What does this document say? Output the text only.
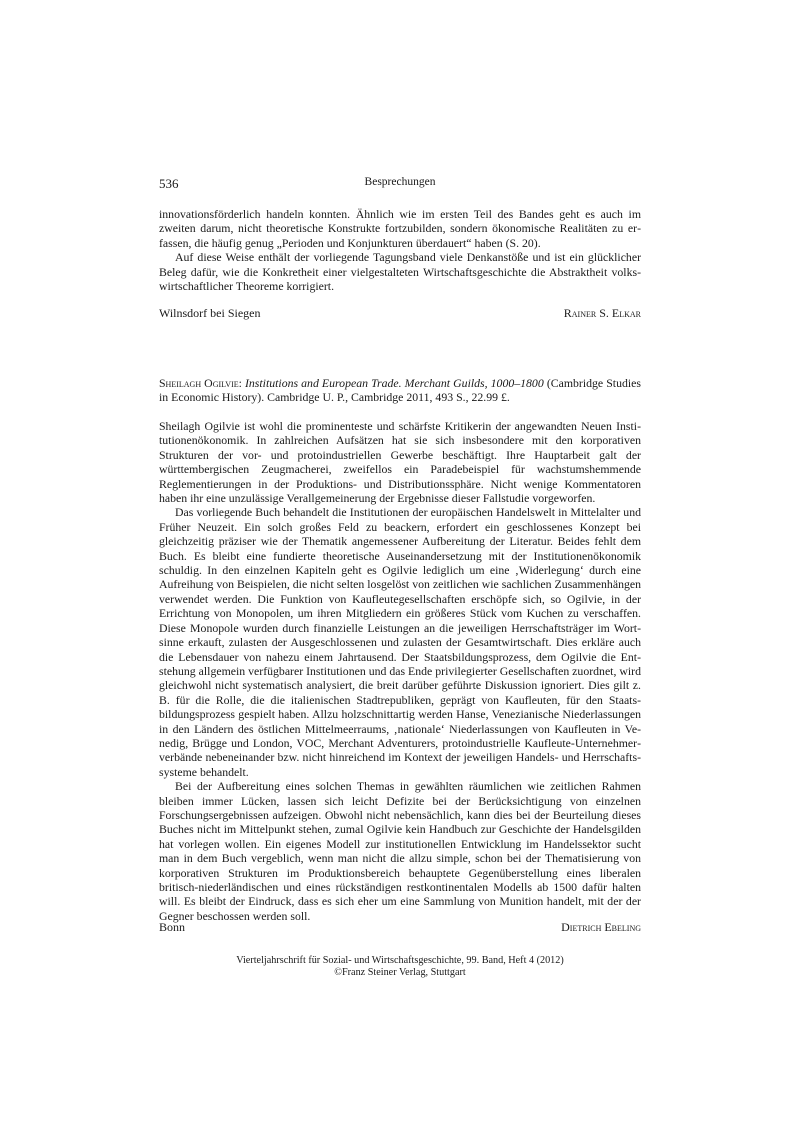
536	Besprechungen

innovationsförderlich handeln konnten. Ähnlich wie im ersten Teil des Bandes geht es auch im zweiten darum, nicht theoretische Konstrukte fortzubilden, sondern ökonomische Realitäten zu erfassen, die häufig genug „Perioden und Konjunkturen überdauert“ haben (S. 20).

Auf diese Weise enthält der vorliegende Tagungsband viele Denkanstöße und ist ein glücklicher Beleg dafür, wie die Konkretheit einer vielgestalteten Wirtschaftsgeschichte die Abstraktheit volkswirtschaftlicher Theoreme korrigiert.

Wilnsdorf bei Siegen	Rainer S. Elkar
Sheilagh Ogilvie: Institutions and European Trade. Merchant Guilds, 1000–1800 (Cambridge Studies in Economic History). Cambridge U. P., Cambridge 2011, 493 S., 22.99 £.

Sheilagh Ogilvie ist wohl die prominenteste und schärfste Kritikerin der angewandten Neuen Institutionenökonomik. In zahlreichen Aufsätzen hat sie sich insbesondere mit den korporativen Strukturen der vor- und protoindustriellen Gewerbe beschäftigt. Ihre Hauptarbeit galt der württembergischen Zeugmacherei, zweifellos ein Paradebeispiel für wachstumshemmende Reglementierungen in der Produktions- und Distributionssphäre. Nicht wenige Kommentatoren haben ihr eine unzulässige Verallgemeinerung der Ergebnisse dieser Fallstudie vorgeworfen.

Das vorliegende Buch behandelt die Institutionen der europäischen Handelswelt in Mittelalter und Früher Neuzeit. Ein solch großes Feld zu beackern, erfordert ein geschlossenes Konzept bei gleichzeitig präziser wie der Thematik angemessener Aufbereitung der Literatur. Beides fehlt dem Buch. Es bleibt eine fundierte theoretische Auseinandersetzung mit der Institutionenökonomik schuldig. In den einzelnen Kapiteln geht es Ogilvie lediglich um eine ‚Widerlegung‘ durch eine Aufreihung von Beispielen, die nicht selten losgelöst von zeitlichen wie sachlichen Zusammenhängen verwendet werden. Die Funktion von Kaufleutegesellschaften erschöpfe sich, so Ogilvie, in der Errichtung von Monopolen, um ihren Mitgliedern ein größeres Stück vom Kuchen zu verschaffen. Diese Monopole wurden durch finanzielle Leistungen an die jeweiligen Herrschaftsträger im Wortsinne erkauft, zulasten der Ausgeschlossenen und zulasten der Gesamtwirtschaft. Dies erkläre auch die Lebensdauer von nahezu einem Jahrtausend. Der Staatsbildungsprozess, dem Ogilvie die Entstehung allgemein verfügbarer Institutionen und das Ende privilegierter Gesellschaften zuordnet, wird gleichwohl nicht systematisch analysiert, die breit darüber geführte Diskussion ignoriert. Dies gilt z. B. für die Rolle, die die italienischen Stadtrepubliken, geprägt von Kaufleuten, für den Staatsbildungsprozess gespielt haben. Allzu holzschnittartig werden Hanse, Venezianische Niederlassungen in den Ländern des östlichen Mittelmeerraums, ‚nationale‘ Niederlassungen von Kaufleuten in Venedig, Brügge und London, VOC, Merchant Adventurers, protoindustrielle Kaufleute-Unternehmerverbände nebeneinander bzw. nicht hinreichend im Kontext der jeweiligen Handels- und Herrschaftssysteme behandelt.

Bei der Aufbereitung eines solchen Themas in gewählten räumlichen wie zeitlichen Rahmen bleiben immer Lücken, lassen sich leicht Defizite bei der Berücksichtigung von einzelnen Forschungsergebnissen aufzeigen. Obwohl nicht nebensächlich, kann dies bei der Beurteilung dieses Buches nicht im Mittelpunkt stehen, zumal Ogilvie kein Handbuch zur Geschichte der Handelsgilden hat vorlegen wollen. Ein eigenes Modell zur institutionellen Entwicklung im Handelssektor sucht man in dem Buch vergeblich, wenn man nicht die allzu simple, schon bei der Thematisierung von korporativen Strukturen im Produktionsbereich behauptete Gegenüberstellung eines liberalen britisch-niederländischen und eines rückständigen restkontinentalen Modells ab 1500 dafür halten will. Es bleibt der Eindruck, dass es sich eher um eine Sammlung von Munition handelt, mit der der Gegner beschossen werden soll.

Bonn	Dietrich Ebeling
Vierteljahrschrift für Sozial- und Wirtschaftsgeschichte, 99. Band, Heft 4 (2012)
©Franz Steiner Verlag, Stuttgart
